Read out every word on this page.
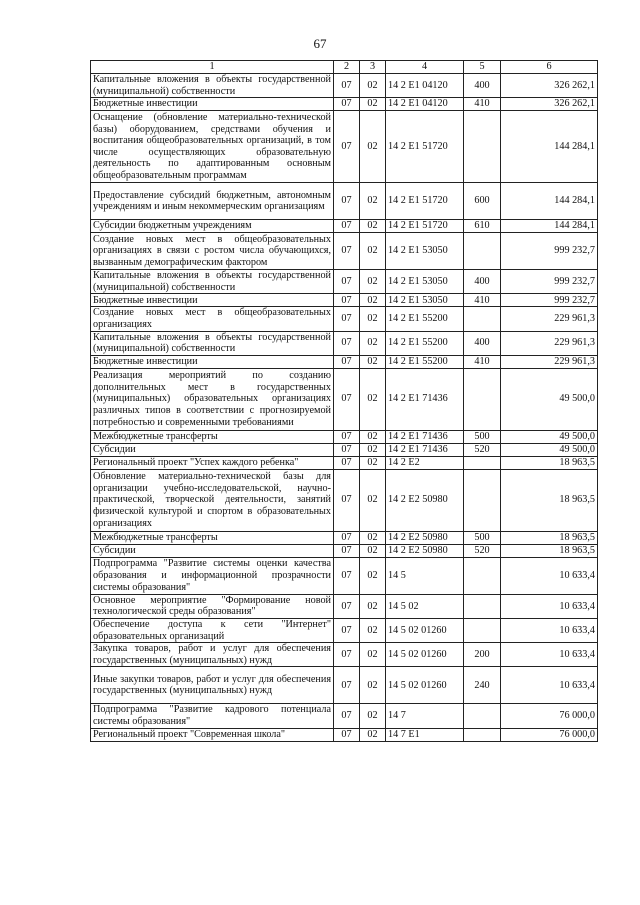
67
1	2	3	4	5	6
Капитальные вложения в объекты государственной (муниципальной) собственности	07	02	14 2 E1 04120	400	326 262,1
Бюджетные инвестиции	07	02	14 2 E1 04120	410	326 262,1
Оснащение (обновление материально-технической базы) оборудованием, средствами обучения и воспитания общеобразовательных организаций, в том числе осуществляющих образовательную деятельность по адаптированным основным общеобразовательным программам	07	02	14 2 E1 51720		144 284,1
Предоставление субсидий бюджетным, автономным учреждениям и иным некоммерческим организациям	07	02	14 2 E1 51720	600	144 284,1
Субсидии бюджетным учреждениям	07	02	14 2 E1 51720	610	144 284,1
Создание новых мест в общеобразовательных организациях в связи с ростом числа обучающихся, вызванным демографическим фактором	07	02	14 2 E1 53050		999 232,7
Капитальные вложения в объекты государственной (муниципальной) собственности	07	02	14 2 E1 53050	400	999 232,7
Бюджетные инвестиции	07	02	14 2 E1 53050	410	999 232,7
Создание новых мест в общеобразовательных организациях	07	02	14 2 E1 55200		229 961,3
Капитальные вложения в объекты государственной (муниципальной) собственности	07	02	14 2 E1 55200	400	229 961,3
Бюджетные инвестиции	07	02	14 2 E1 55200	410	229 961,3
Реализация мероприятий по созданию дополнительных мест в государственных (муниципальных) образовательных организациях различных типов в соответствии с прогнозируемой потребностью и современными требованиями	07	02	14 2 E1 71436		49 500,0
Межбюджетные трансферты	07	02	14 2 E1 71436	500	49 500,0
Субсидии	07	02	14 2 E1 71436	520	49 500,0
Региональный проект "Успех каждого ребенка"	07	02	14 2 E2		18 963,5
Обновление материально-технической базы для организации учебно-исследовательской, научно-практической, творческой деятельности, занятий физической культурой и спортом в образовательных организациях	07	02	14 2 E2 50980		18 963,5
Межбюджетные трансферты	07	02	14 2 E2 50980	500	18 963,5
Субсидии	07	02	14 2 E2 50980	520	18 963,5
Подпрограмма "Развитие системы оценки качества образования и информационной прозрачности системы образования"	07	02	14 5		10 633,4
Основное мероприятие "Формирование новой технологической среды образования"	07	02	14 5 02		10 633,4
Обеспечение доступа к сети "Интернет" образовательных организаций	07	02	14 5 02 01260		10 633,4
Закупка товаров, работ и услуг для обеспечения государственных (муниципальных) нужд	07	02	14 5 02 01260	200	10 633,4
Иные закупки товаров, работ и услуг для обеспечения государственных (муниципальных) нужд	07	02	14 5 02 01260	240	10 633,4
Подпрограмма "Развитие кадрового потенциала системы образования"	07	02	14 7		76 000,0
Региональный проект "Современная школа"	07	02	14 7 E1		76 000,0
